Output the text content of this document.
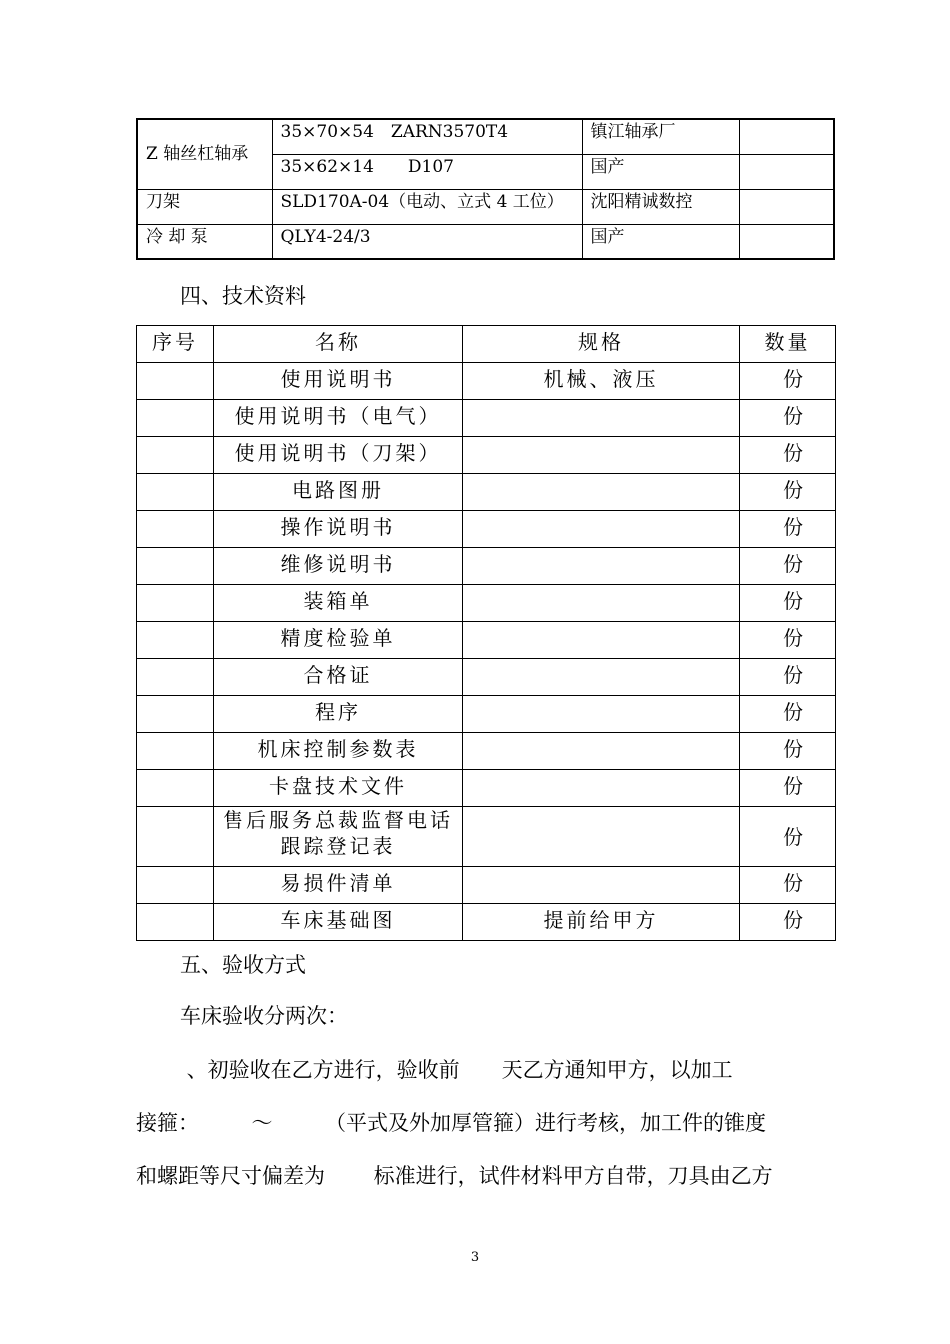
Z 轴丝杠轴承	35×70×54　ZARN3570T4	镇江轴承厂	
	35×62×14　　D107	国产	
刀架	SLD170A-04（电动、立式 4 工位）	沈阳精诚数控	
冷 却 泵	QLY4-24/3	国产	
四、技术资料
序号	名称	规格	数量
	使用说明书	机械、液压	份
	使用说明书（电气）		份
	使用说明书（刀架）		份
	电路图册		份
	操作说明书		份
	维修说明书		份
	装箱单		份
	精度检验单		份
	合格证		份
	程序		份
	机床控制参数表		份
	卡盘技术文件		份
	售后服务总裁监督电话跟踪登记表		份
	易损件清单		份
	车床基础图	提前给甲方	份
五、验收方式
车床验收分两次：
、初验收在乙方进行，验收前　　天乙方通知甲方，以加工
接箍：　　　～　　　（平式及外加厚管箍）进行考核，加工件的锥度
和螺距等尺寸偏差为　　 标准进行，试件材料甲方自带，刀具由乙方
3
